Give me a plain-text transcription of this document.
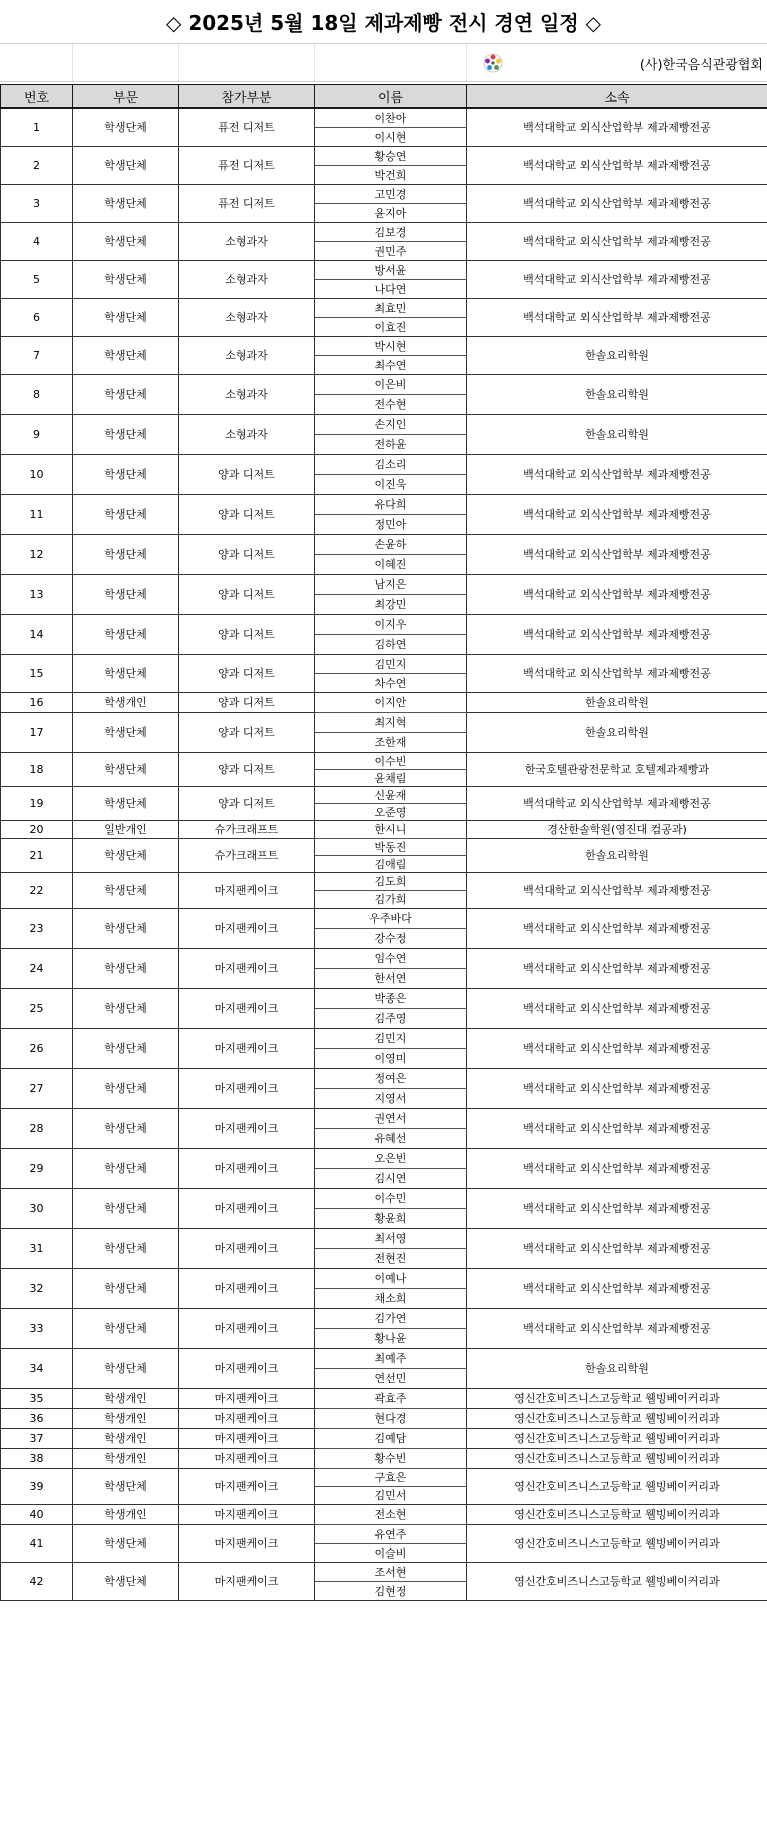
◇ 2025년 5월 18일 제과제빵 전시 경연 일정 ◇
(사)한국음식관광협회
번호	부문	참가부분	이름	소속
1	학생단체	퓨전 디저트	이찬아	백석대학교 외식산업학부 제과제빵전공
			이시현	
2	학생단체	퓨전 디저트	황승연	백석대학교 외식산업학부 제과제빵전공
			박건희	
3	학생단체	퓨전 디저트	고민경	백석대학교 외식산업학부 제과제빵전공
			윤지아	
4	학생단체	소형과자	김보경	백석대학교 외식산업학부 제과제빵전공
			권민주	
5	학생단체	소형과자	방서윤	백석대학교 외식산업학부 제과제빵전공
			나다연	
6	학생단체	소형과자	최효민	백석대학교 외식산업학부 제과제빵전공
			이효진	
7	학생단체	소형과자	박시현	한솔요리학원
			최수연	
8	학생단체	소형과자	이은비	한솔요리학원
			전수현	
9	학생단체	소형과자	손지인	한솔요리학원
			전하윤	
10	학생단체	양과 디저트	김소리	백석대학교 외식산업학부 제과제빵전공
			이진욱	
11	학생단체	양과 디저트	유다희	백석대학교 외식산업학부 제과제빵전공
			정민아	
12	학생단체	양과 디저트	손윤하	백석대학교 외식산업학부 제과제빵전공
			이혜진	
13	학생단체	양과 디저트	남지은	백석대학교 외식산업학부 제과제빵전공
			최강민	
14	학생단체	양과 디저트	이지우	백석대학교 외식산업학부 제과제빵전공
			김하연	
15	학생단체	양과 디저트	김민지	백석대학교 외식산업학부 제과제빵전공
			차수연	
16	학생개인	양과 디저트	이지안	한솔요리학원
17	학생단체	양과 디저트	최지혁	한솔요리학원
			조한재	
18	학생단체	양과 디저트	이수빈	한국호텔관광전문학교 호텔제과제빵과
			윤채림	
19	학생단체	양과 디저트	신윤재	백석대학교 외식산업학부 제과제빵전공
			오준영	
20	일반개인	슈가크래프트	한시니	경산한솔학원(영진대 컴공과)
21	학생단체	슈가크래프트	박동진	한솔요리학원
			김애림	
22	학생단체	마지팬케이크	김도희	백석대학교 외식산업학부 제과제빵전공
			김가희	
23	학생단체	마지팬케이크	우주바다	백석대학교 외식산업학부 제과제빵전공
			강수정	
24	학생단체	마지팬케이크	임수연	백석대학교 외식산업학부 제과제빵전공
			한서연	
25	학생단체	마지팬케이크	박종은	백석대학교 외식산업학부 제과제빵전공
			김주영	
26	학생단체	마지팬케이크	김민지	백석대학교 외식산업학부 제과제빵전공
			이영미	
27	학생단체	마지팬케이크	정여은	백석대학교 외식산업학부 제과제빵전공
			지영서	
28	학생단체	마지팬케이크	권연서	백석대학교 외식산업학부 제과제빵전공
			유혜선	
29	학생단체	마지팬케이크	오은빈	백석대학교 외식산업학부 제과제빵전공
			김시연	
30	학생단체	마지팬케이크	이수민	백석대학교 외식산업학부 제과제빵전공
			황윤희	
31	학생단체	마지팬케이크	최서영	백석대학교 외식산업학부 제과제빵전공
			전현진	
32	학생단체	마지팬케이크	이예나	백석대학교 외식산업학부 제과제빵전공
			채소희	
33	학생단체	마지팬케이크	김가연	백석대학교 외식산업학부 제과제빵전공
			황나윤	
34	학생단체	마지팬케이크	최예주	한솔요리학원
			연선민	
35	학생개인	마지팬케이크	곽효주	영신간호비즈니스고등학교 웰빙베이커리과
36	학생개인	마지팬케이크	현다경	영신간호비즈니스고등학교 웰빙베이커리과
37	학생개인	마지팬케이크	김예담	영신간호비즈니스고등학교 웰빙베이커리과
38	학생개인	마지팬케이크	황수빈	영신간호비즈니스고등학교 웰빙베이커리과
39	학생단체	마지팬케이크	구효은	영신간호비즈니스고등학교 웰빙베이커리과
			김민서	
40	학생개인	마지팬케이크	전소현	영신간호비즈니스고등학교 웰빙베이커리과
41	학생단체	마지팬케이크	유연주	영신간호비즈니스고등학교 웰빙베이커리과
			이슬비	
42	학생단체	마지팬케이크	조서현	영신간호비즈니스고등학교 웰빙베이커리과
			김현정	
